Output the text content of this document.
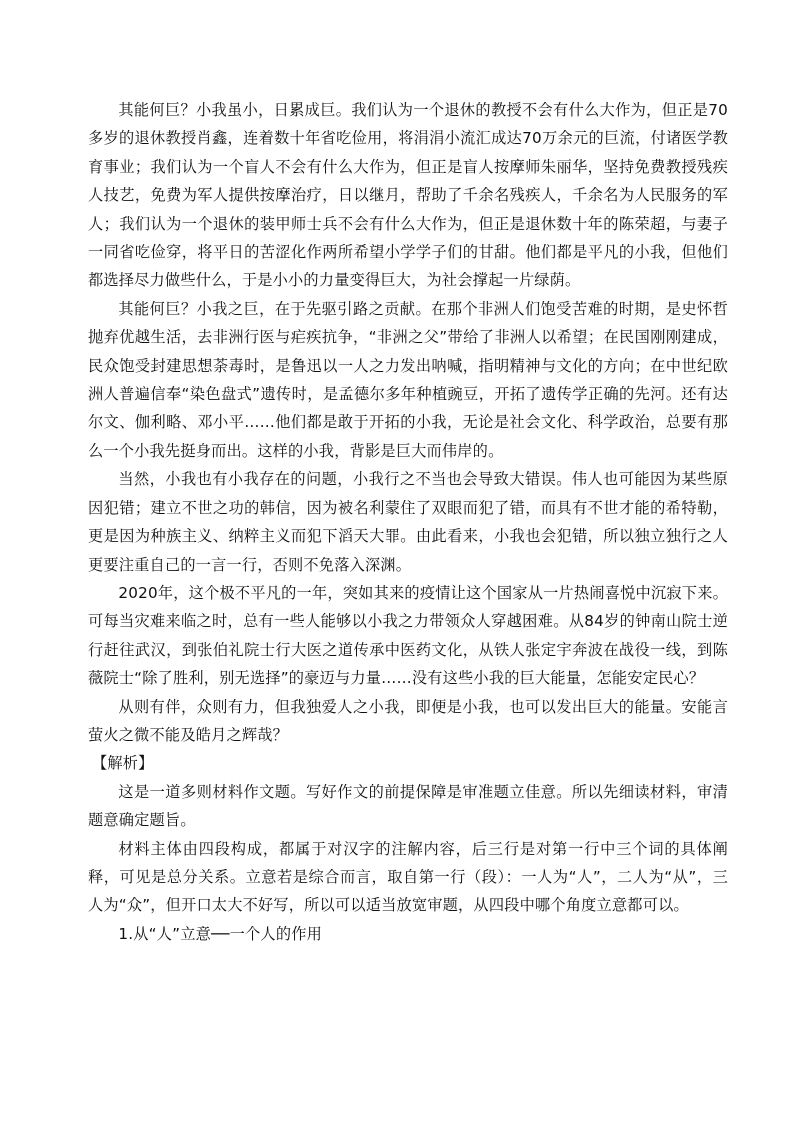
其能何巨？小我虽小，日累成巨。我们认为一个退休的教授不会有什么大作为，但正是70多岁的退休教授肖鑫，连着数十年省吃俭用，将涓涓小流汇成达70万余元的巨流，付诸医学教育事业；我们认为一个盲人不会有什么大作为，但正是盲人按摩师朱丽华，坚持免费教授残疾人技艺，免费为军人提供按摩治疗，日以继月，帮助了千余名残疾人，千余名为人民服务的军人；我们认为一个退休的装甲师士兵不会有什么大作为，但正是退休数十年的陈荣超，与妻子一同省吃俭穿，将平日的苦涩化作两所希望小学学子们的甘甜。他们都是平凡的小我，但他们都选择尽力做些什么，于是小小的力量变得巨大，为社会撑起一片绿荫。

其能何巨？小我之巨，在于先驱引路之贡献。在那个非洲人们饱受苦难的时期，是史怀哲抛弃优越生活，去非洲行医与疟疾抗争，“非洲之父”带给了非洲人以希望；在民国刚刚建成，民众饱受封建思想荼毒时，是鲁迅以一人之力发出呐喊，指明精神与文化的方向；在中世纪欧洲人普遍信奉“染色盘式”遗传时，是孟德尔多年种植豌豆，开拓了遗传学正确的先河。还有达尔文、伽利略、邓小平……他们都是敢于开拓的小我，无论是社会文化、科学政治，总要有那么一个小我先挺身而出。这样的小我，背影是巨大而伟岸的。

当然，小我也有小我存在的问题，小我行之不当也会导致大错误。伟人也可能因为某些原因犯错；建立不世之功的韩信，因为被名利蒙住了双眼而犯了错，而具有不世才能的希特勒，更是因为种族主义、纳粹主义而犯下滔天大罪。由此看来，小我也会犯错，所以独立独行之人更要注重自己的一言一行，否则不免落入深渊。

2020年，这个极不平凡的一年，突如其来的疫情让这个国家从一片热闹喜悦中沉寂下来。可每当灾难来临之时，总有一些人能够以小我之力带领众人穿越困难。从84岁的钟南山院士逆行赶往武汉，到张伯礼院士行大医之道传承中医药文化，从铁人张定宇奔波在战役一线，到陈薇院士“除了胜利，别无选择”的豪迈与力量……没有这些小我的巨大能量，怎能安定民心？

从则有伴，众则有力，但我独爱人之小我，即便是小我，也可以发出巨大的能量。安能言萤火之微不能及皓月之辉哉？

【解析】

这是一道多则材料作文题。写好作文的前提保障是审准题立佳意。所以先细读材料，审清题意确定题旨。

材料主体由四段构成，都属于对汉字的注解内容，后三行是对第一行中三个词的具体阐释，可见是总分关系。立意若是综合而言，取自第一行（段）：一人为“人”，二人为“从”，三人为“众”，但开口太大不好写，所以可以适当放宽审题，从四段中哪个角度立意都可以。

1.从“人”立意──一个人的作用
